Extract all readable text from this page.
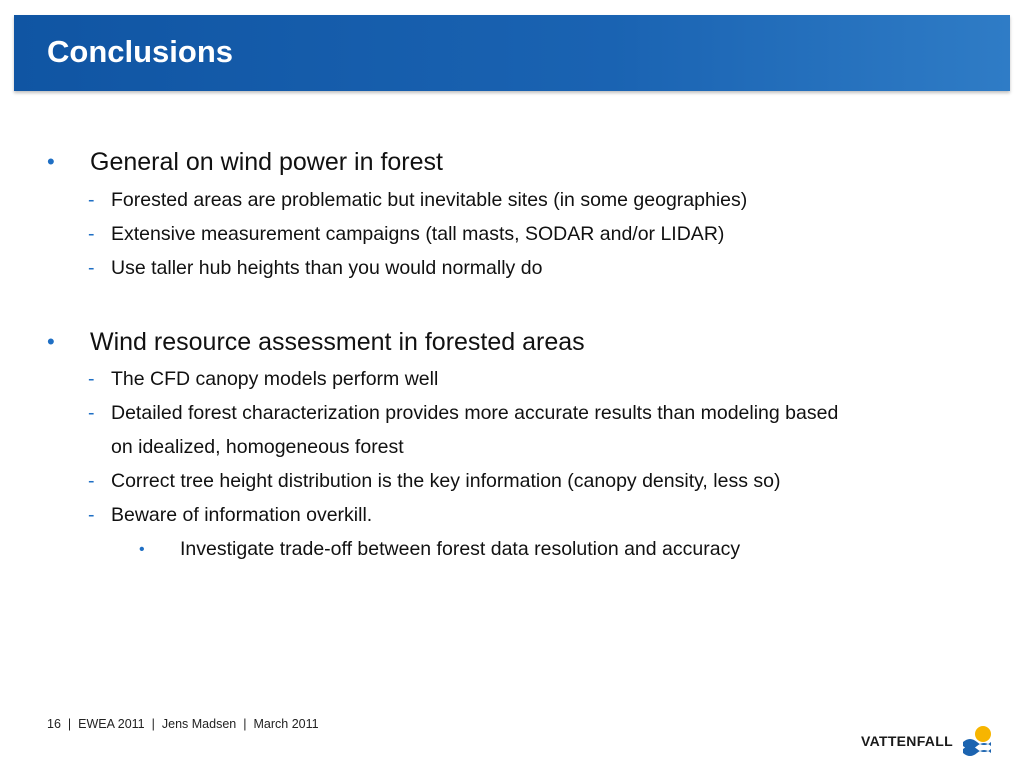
Conclusions
• General on wind power in forest
- Forested areas are problematic but inevitable sites (in some geographies)
- Extensive measurement campaigns (tall masts, SODAR and/or LIDAR)
- Use taller hub heights than you would normally do
• Wind resource assessment in forested areas
- The CFD canopy models perform well
- Detailed forest characterization provides more accurate results than modeling based
on idealized, homogeneous forest
- Correct tree height distribution is the key information (canopy density, less so)
- Beware of information overkill.
• Investigate trade-off between forest data resolution and accuracy
16 | EWEA 2011 | Jens Madsen | March 2011
VATTENFALL
